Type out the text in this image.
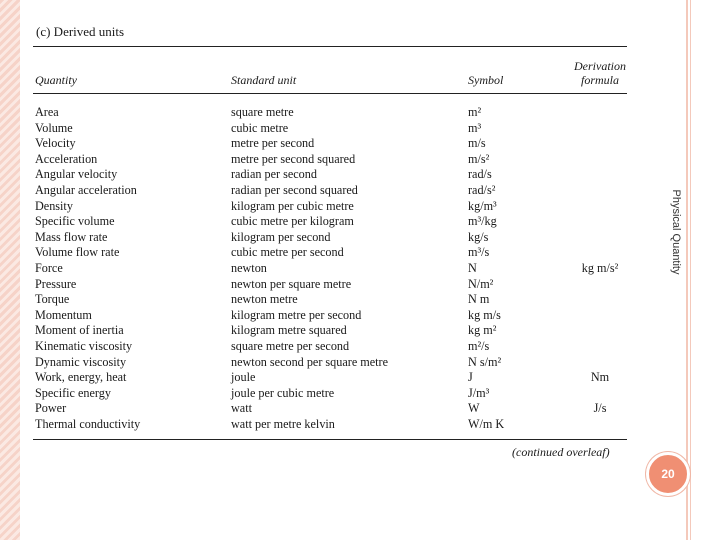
Physical Quantity
(c) Derived units
Quantity	Standard unit	Symbol
Derivation
formula
Area	square metre	m²
Volume	cubic metre	m³
Velocity	metre per second	m/s
Acceleration	metre per second squared	m/s²
Angular velocity	radian per second	rad/s
Angular acceleration	radian per second squared	rad/s²
Density	kilogram per cubic metre	kg/m³
Specific volume	cubic metre per kilogram	m³/kg
Mass flow rate	kilogram per second	kg/s
Volume flow rate	cubic metre per second	m³/s
Force	newton	N	kg m/s²
Pressure	newton per square metre	N/m²
Torque	newton metre	N m
Momentum	kilogram metre per second	kg m/s
Moment of inertia	kilogram metre squared	kg m²
Kinematic viscosity	square metre per second	m²/s
Dynamic viscosity	newton second per square metre	N s/m²
Work, energy, heat	joule	J	Nm
Specific energy	joule per cubic metre	J/m³
Power	watt	W	J/s
Thermal conductivity	watt per metre kelvin	W/m K
(continued overleaf)
20
